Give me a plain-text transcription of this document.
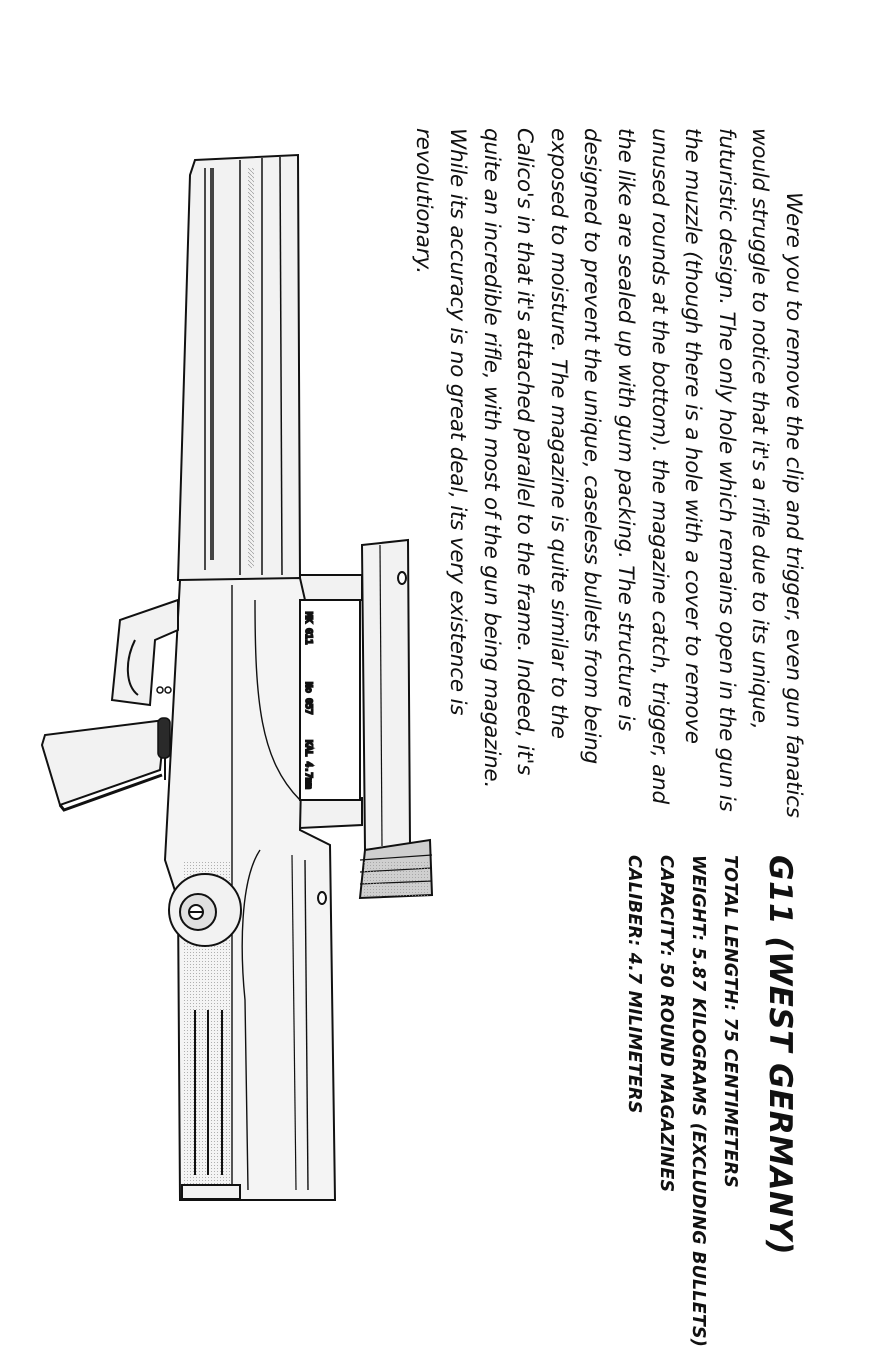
MK G11
No 057
KAL 4.7mm	Were you to remove the clip and trigger, even gun fanatics would struggle to notice that it's a rifle due to its unique, futuristic design. The only hole which remains open in the gun is the muzzle (though there is a hole with a cover to remove unused rounds at the bottom). the magazine catch, trigger, and the like are sealed up with gum packing. The structure is designed to prevent the unique, caseless bullets from being exposed to moisture. The magazine is quite similar to the Calico's in that it's attached parallel to the frame. Indeed, it's quite an incredible rifle, with most of the gun being magazine. While its accuracy is no great deal, its very existence is revolutionary.

G11 (WEST GERMANY)
TOTAL LENGTH: 75 CENTIMETERS
WEIGHT: 5.87 KILOGRAMS (EXCLUDING BULLETS)
CAPACITY: 50 ROUND MAGAZINES
CALIBER: 4.7 MILIMETERS
